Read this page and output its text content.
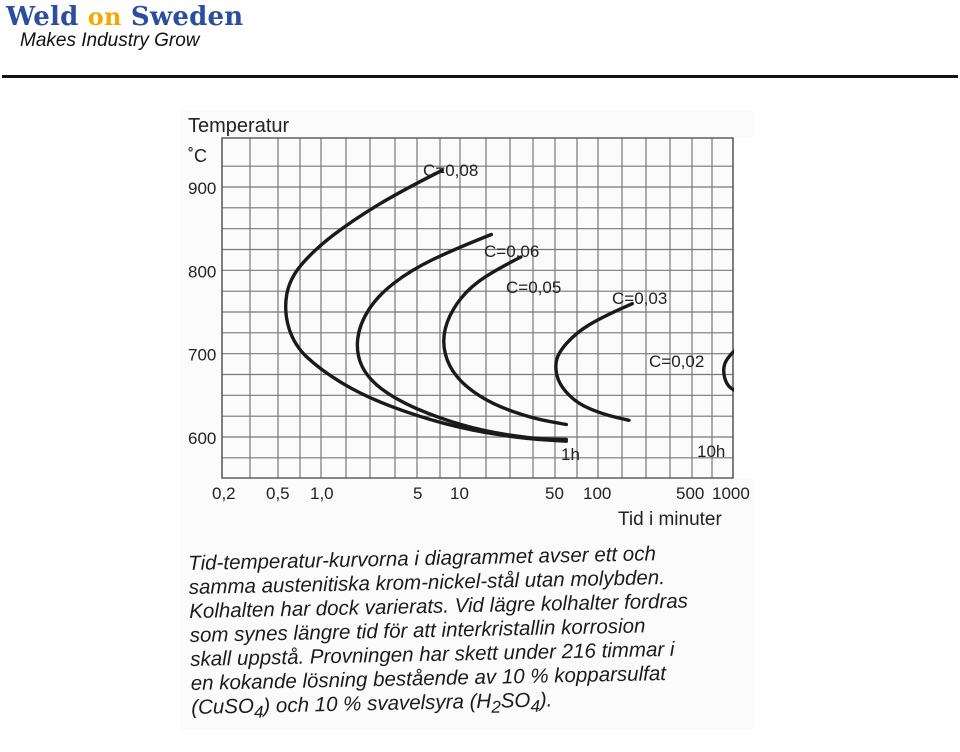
Weld on Sweden
Makes Industry Grow
C=0,08
C=0,06
C=0,05
C=0,03
C=0,02
900
800
700
600
Temperatur
˚C
0,2 0,5 1,0	5 10	50 100	500 1000
Tid i minuter
1h	10h
Tid-temperatur-kurvorna i diagrammet avser ett och
samma austenitiska krom-nickel-stål utan molybden.
Kolhalten har dock varierats. Vid lägre kolhalter fordras
som synes längre tid för att interkristallin korrosion
skall uppstå. Provningen har skett under 216 timmar i
en kokande lösning bestående av 10 % kopparsulfat
(CuSO$_4$) och 10 % svavelsyra $(H_2SO_4)$.
